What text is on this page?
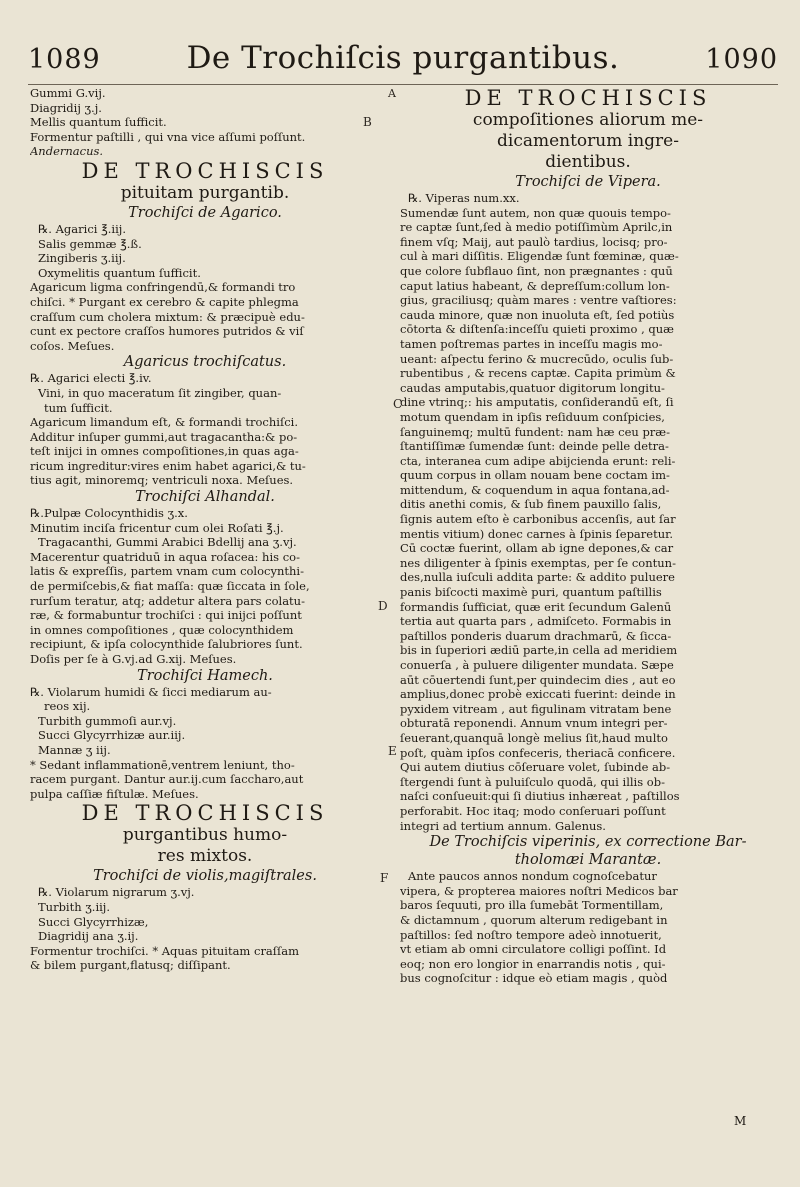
1089	De Trochiſcis purgantibus.	1090
Gummi G.vij.
Diagridij ʒ.j.
Mellis quantum ſufficit.
Formentur paſtilli , qui vna vice aſſumi poſſunt.
Andernacus.
DE TROCHISCIS
pituitam purgantib.
Trochiſci de Agarico.
℞. Agarici ℥.iij.
Salis gemmæ ℥.ß.
Zingiberis ʒ.iij.
Oxymelitis quantum ſufficit.
Agaricum ligma confringendū,& formandi tro
chiſci. * Purgant ex cerebro & capite phlegma
craſſum cum cholera mixtum: & præcipuè edu-
cunt ex pectore craſſos humores putridos & viſ
coſos. Meſues.
Agaricus trochiſcatus.
℞. Agarici electi ℥.iv.
Vini, in quo maceratum ſit zingiber, quan-
tum ſufficit.
Agaricum limandum eſt, & formandi trochiſci.
Additur inſuper gummi,aut tragacantha:& po-
teſt inijci in omnes compoſitiones,in quas aga-
ricum ingreditur:vires enim habet agarici,& tu-
tius agit, minoremq; ventriculi noxa. Meſues.
Trochiſci Alhandal.
℞.Pulpæ Colocynthidis ʒ.x.
Minutim inciſa fricentur cum olei Roſati ℥.j.
Tragacanthi, Gummi Arabici Bdellij ana ʒ.vj.
Macerentur quatriduū in aqua roſacea: his co-
latis & expreſſis, partem vnam cum colocynthi-
de permiſcebis,& fiat maſſa: quæ ſiccata in ſole,
rurſum teratur, atq; addetur altera pars colatu-
ræ, & formabuntur trochiſci : qui inijci poſſunt
in omnes compoſitiones , quæ colocynthidem
recipiunt, & ipſa colocynthide ſalubriores ſunt.
Doſis per ſe à G.vj.ad G.xij. Meſues.
Trochiſci Hamech.
℞. Violarum humidi & ſicci mediarum au-
reos xij.
Turbith gummoſi aur.vj.
Succi Glycyrrhizæ aur.iij.
Mannæ ʒ iij.
* Sedant inflammationē,ventrem leniunt, tho-
racem purgant. Dantur aur.ij.cum ſaccharo,aut
pulpa caſſiæ fiſtulæ. Meſues.
DE TROCHISCIS
purgantibus humo-
res mixtos.
Trochiſci de violis,magiſtrales.
℞. Violarum nigrarum ʒ.vj.
Turbith ʒ.iij.
Succi Glycyrrhizæ,
Diagridij ana ʒ.ij.
Formentur trochiſci. * Aquas pituitam craſſam
& bilem purgant,flatusq; diſſipant.
DE TROCHISCIS
compoſitiones aliorum me-
dicamentorum ingre-
dientibus.
Trochiſci de Vipera.
℞. Viperas num.xx.
Sumendæ ſunt autem, non quæ quouis tempo-
re captæ ſunt,ſed à medio potiſſimùm Aprilc,in
finem vſq; Maij, aut paulò tardius, locisq; pro-
cul à mari diſſitis. Eligendæ ſunt fœminæ, quæ-
que colore ſubflauo ſint, non prægnantes : quū
caput latius habeant, & depreſſum:collum lon-
gius, graciliusq; quàm mares : ventre vaſtiores:
cauda minore, quæ non inuoluta eſt, ſed potiùs
cōtorta & diſtenſa:inceſſu quieti proximo , quæ
tamen poſtremas partes in inceſſu magis mo-
ueant: aſpectu ferino & mucrecūdo, oculis ſub-
rubentibus , & recens captæ. Capita primùm &
caudas amputabis,quatuor digitorum longitu-
dine vtrinq;: his amputatis, conſiderandū eſt, ſi
motum quendam in ipſis reſiduum conſpicies,
ſanguinemq; multū fundent: nam hæ ceu præ-
ſtantiſſimæ ſumendæ ſunt: deinde pelle detra-
cta, interanea cum adipe abijcienda erunt: reli-
quum corpus in ollam nouam bene coctam im-
mittendum, & coquendum in aqua fontana,ad-
ditis anethi comis, & ſub finem pauxillo ſalis,
ſignis autem eſto è carbonibus accenſis, aut ſar
mentis vitium) donec carnes à ſpinis ſeparetur.
Cū coctæ fuerint, ollam ab igne depones,& car
nes diligenter à ſpinis exemptas, per ſe contun-
des,nulla iuſculi addita parte: & addito puluere
panis biſcocti maximè puri, quantum paſtillis
formandis ſufficiat, quæ erit ſecundum Galenū
tertia aut quarta pars , admiſceto. Formabis in
paſtillos ponderis duarum drachmarū, & ſicca-
bis in ſuperiori ædiū parte,in cella ad meridiem
conuerſa , à puluere diligenter mundata. Sæpe
aūt cōuertendi ſunt,per quindecim dies , aut eo
amplius,donec probè exiccati fuerint: deinde in
pyxidem vitream , aut figulinam vitratam bene
obturatā reponendi. Annum vnum integri per-
ſeuerant,quanquā longè melius ſit,haud multo
poſt, quàm ipſos confeceris, theriacā conficere.
Qui autem diutius cōſeruare volet, ſubinde ab-
ſtergendi ſunt à puluiſculo quodā, qui illis ob-
naſci conſueuit:qui ſi diutius inhæreat , paſtillos
perforabit. Hoc itaq; modo conſeruari poſſunt
integri ad tertium annum. Galenus.
De Trochiſcis viperinis, ex correctione Bar-
tholomæi Marantæ.
Ante paucos annos nondum cognoſcebatur
vipera, & propterea maiores noſtri Medicos bar
baros ſequuti, pro illa ſumebāt Tormentillam,
& dictamnum , quorum alterum redigebant in
paſtillos: ſed noſtro tempore adeò innotuerit,
vt etiam ab omni circulatore colligi poſſint. Id
eoq; non ero longior in enarrandis notis , qui-
bus cognoſcitur : idque eò etiam magis , quòd
A
B
C
D
E
F
M
